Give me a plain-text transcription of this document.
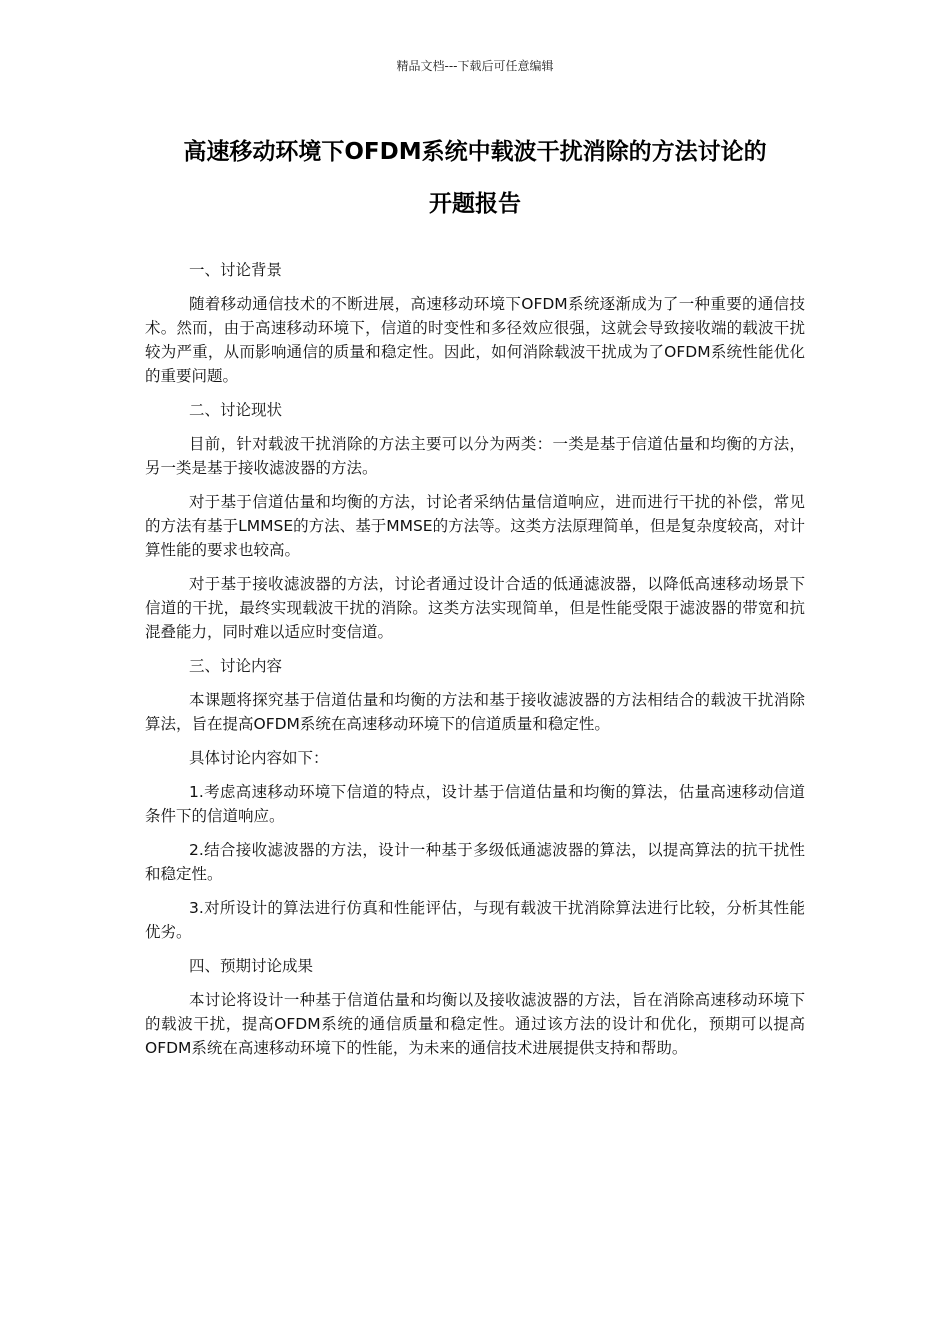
精品文档---下载后可任意编辑
高速移动环境下OFDM系统中载波干扰消除的方法讨论的
开题报告

一、讨论背景

随着移动通信技术的不断进展，高速移动环境下OFDM系统逐渐成为了一种重要的通信技术。然而，由于高速移动环境下，信道的时变性和多径效应很强，这就会导致接收端的载波干扰较为严重，从而影响通信的质量和稳定性。因此，如何消除载波干扰成为了OFDM系统性能优化的重要问题。

二、讨论现状

目前，针对载波干扰消除的方法主要可以分为两类：一类是基于信道估量和均衡的方法，另一类是基于接收滤波器的方法。

对于基于信道估量和均衡的方法，讨论者采纳估量信道响应，进而进行干扰的补偿，常见的方法有基于LMMSE的方法、基于MMSE的方法等。这类方法原理简单，但是复杂度较高，对计算性能的要求也较高。

对于基于接收滤波器的方法，讨论者通过设计合适的低通滤波器，以降低高速移动场景下信道的干扰，最终实现载波干扰的消除。这类方法实现简单，但是性能受限于滤波器的带宽和抗混叠能力，同时难以适应时变信道。

三、讨论内容

本课题将探究基于信道估量和均衡的方法和基于接收滤波器的方法相结合的载波干扰消除算法，旨在提高OFDM系统在高速移动环境下的信道质量和稳定性。

具体讨论内容如下：

1.考虑高速移动环境下信道的特点，设计基于信道估量和均衡的算法，估量高速移动信道条件下的信道响应。

2.结合接收滤波器的方法，设计一种基于多级低通滤波器的算法，以提高算法的抗干扰性和稳定性。

3.对所设计的算法进行仿真和性能评估，与现有载波干扰消除算法进行比较，分析其性能优劣。

四、预期讨论成果

本讨论将设计一种基于信道估量和均衡以及接收滤波器的方法，旨在消除高速移动环境下的载波干扰，提高OFDM系统的通信质量和稳定性。通过该方法的设计和优化，预期可以提高OFDM系统在高速移动环境下的性能，为未来的通信技术进展提供支持和帮助。
